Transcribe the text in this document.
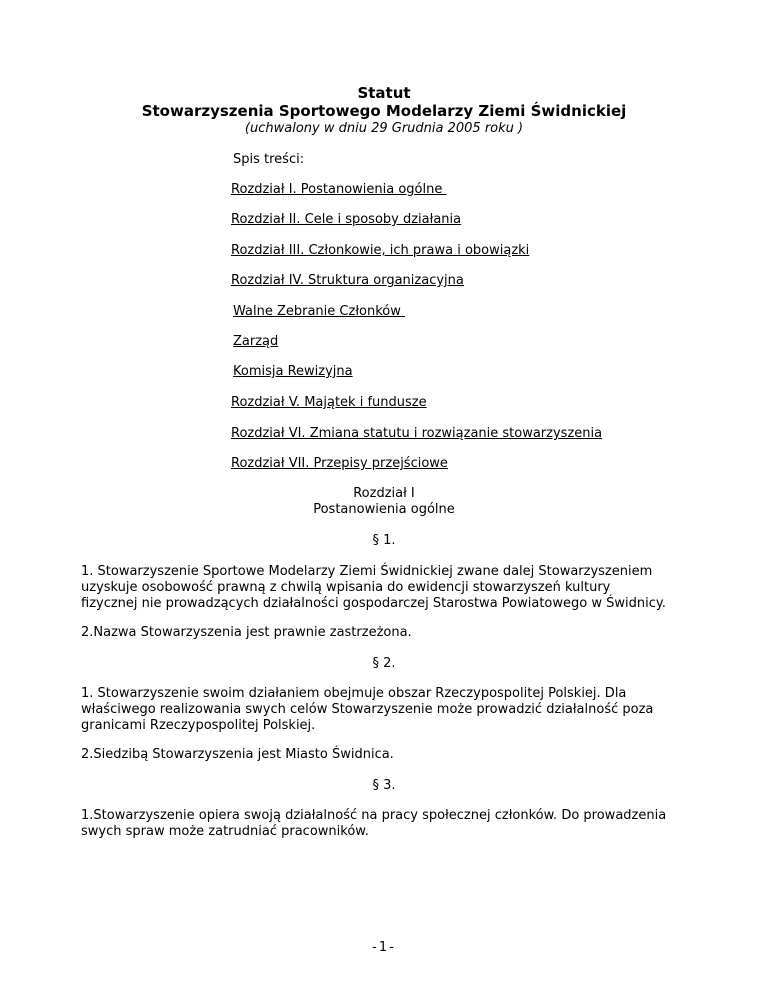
Statut
Stowarzyszenia Sportowego Modelarzy Ziemi Świdnickiej
(uchwalony w dniu 29 Grudnia 2005 roku )
Spis treści:
Rozdział I. Postanowienia ogólne
Rozdział II. Cele i sposoby działania
Rozdział III. Członkowie, ich prawa i obowiązki
Rozdział IV. Struktura organizacyjna
Walne Zebranie Członków
Zarząd
Komisja Rewizyjna
Rozdział V. Majątek i fundusze
Rozdział VI. Zmiana statutu i rozwiązanie stowarzyszenia
Rozdział VII. Przepisy przejściowe
Rozdział I
Postanowienia ogólne
§ 1.
1. Stowarzyszenie Sportowe Modelarzy Ziemi Świdnickiej zwane dalej Stowarzyszeniem
uzyskuje osobowość prawną z chwilą wpisania do ewidencji stowarzyszeń kultury
fizycznej nie prowadzących działalności gospodarczej Starostwa Powiatowego w Świdnicy.
2.Nazwa Stowarzyszenia jest prawnie zastrzeżona.
§ 2.
1. Stowarzyszenie swoim działaniem obejmuje obszar Rzeczypospolitej Polskiej. Dla
właściwego realizowania swych celów Stowarzyszenie może prowadzić działalność poza
granicami Rzeczypospolitej Polskiej.
2.Siedzibą Stowarzyszenia jest Miasto Świdnica.
§ 3.
1.Stowarzyszenie opiera swoją działalność na pracy społecznej członków. Do prowadzenia
swych spraw może zatrudniać pracowników.
-1-
